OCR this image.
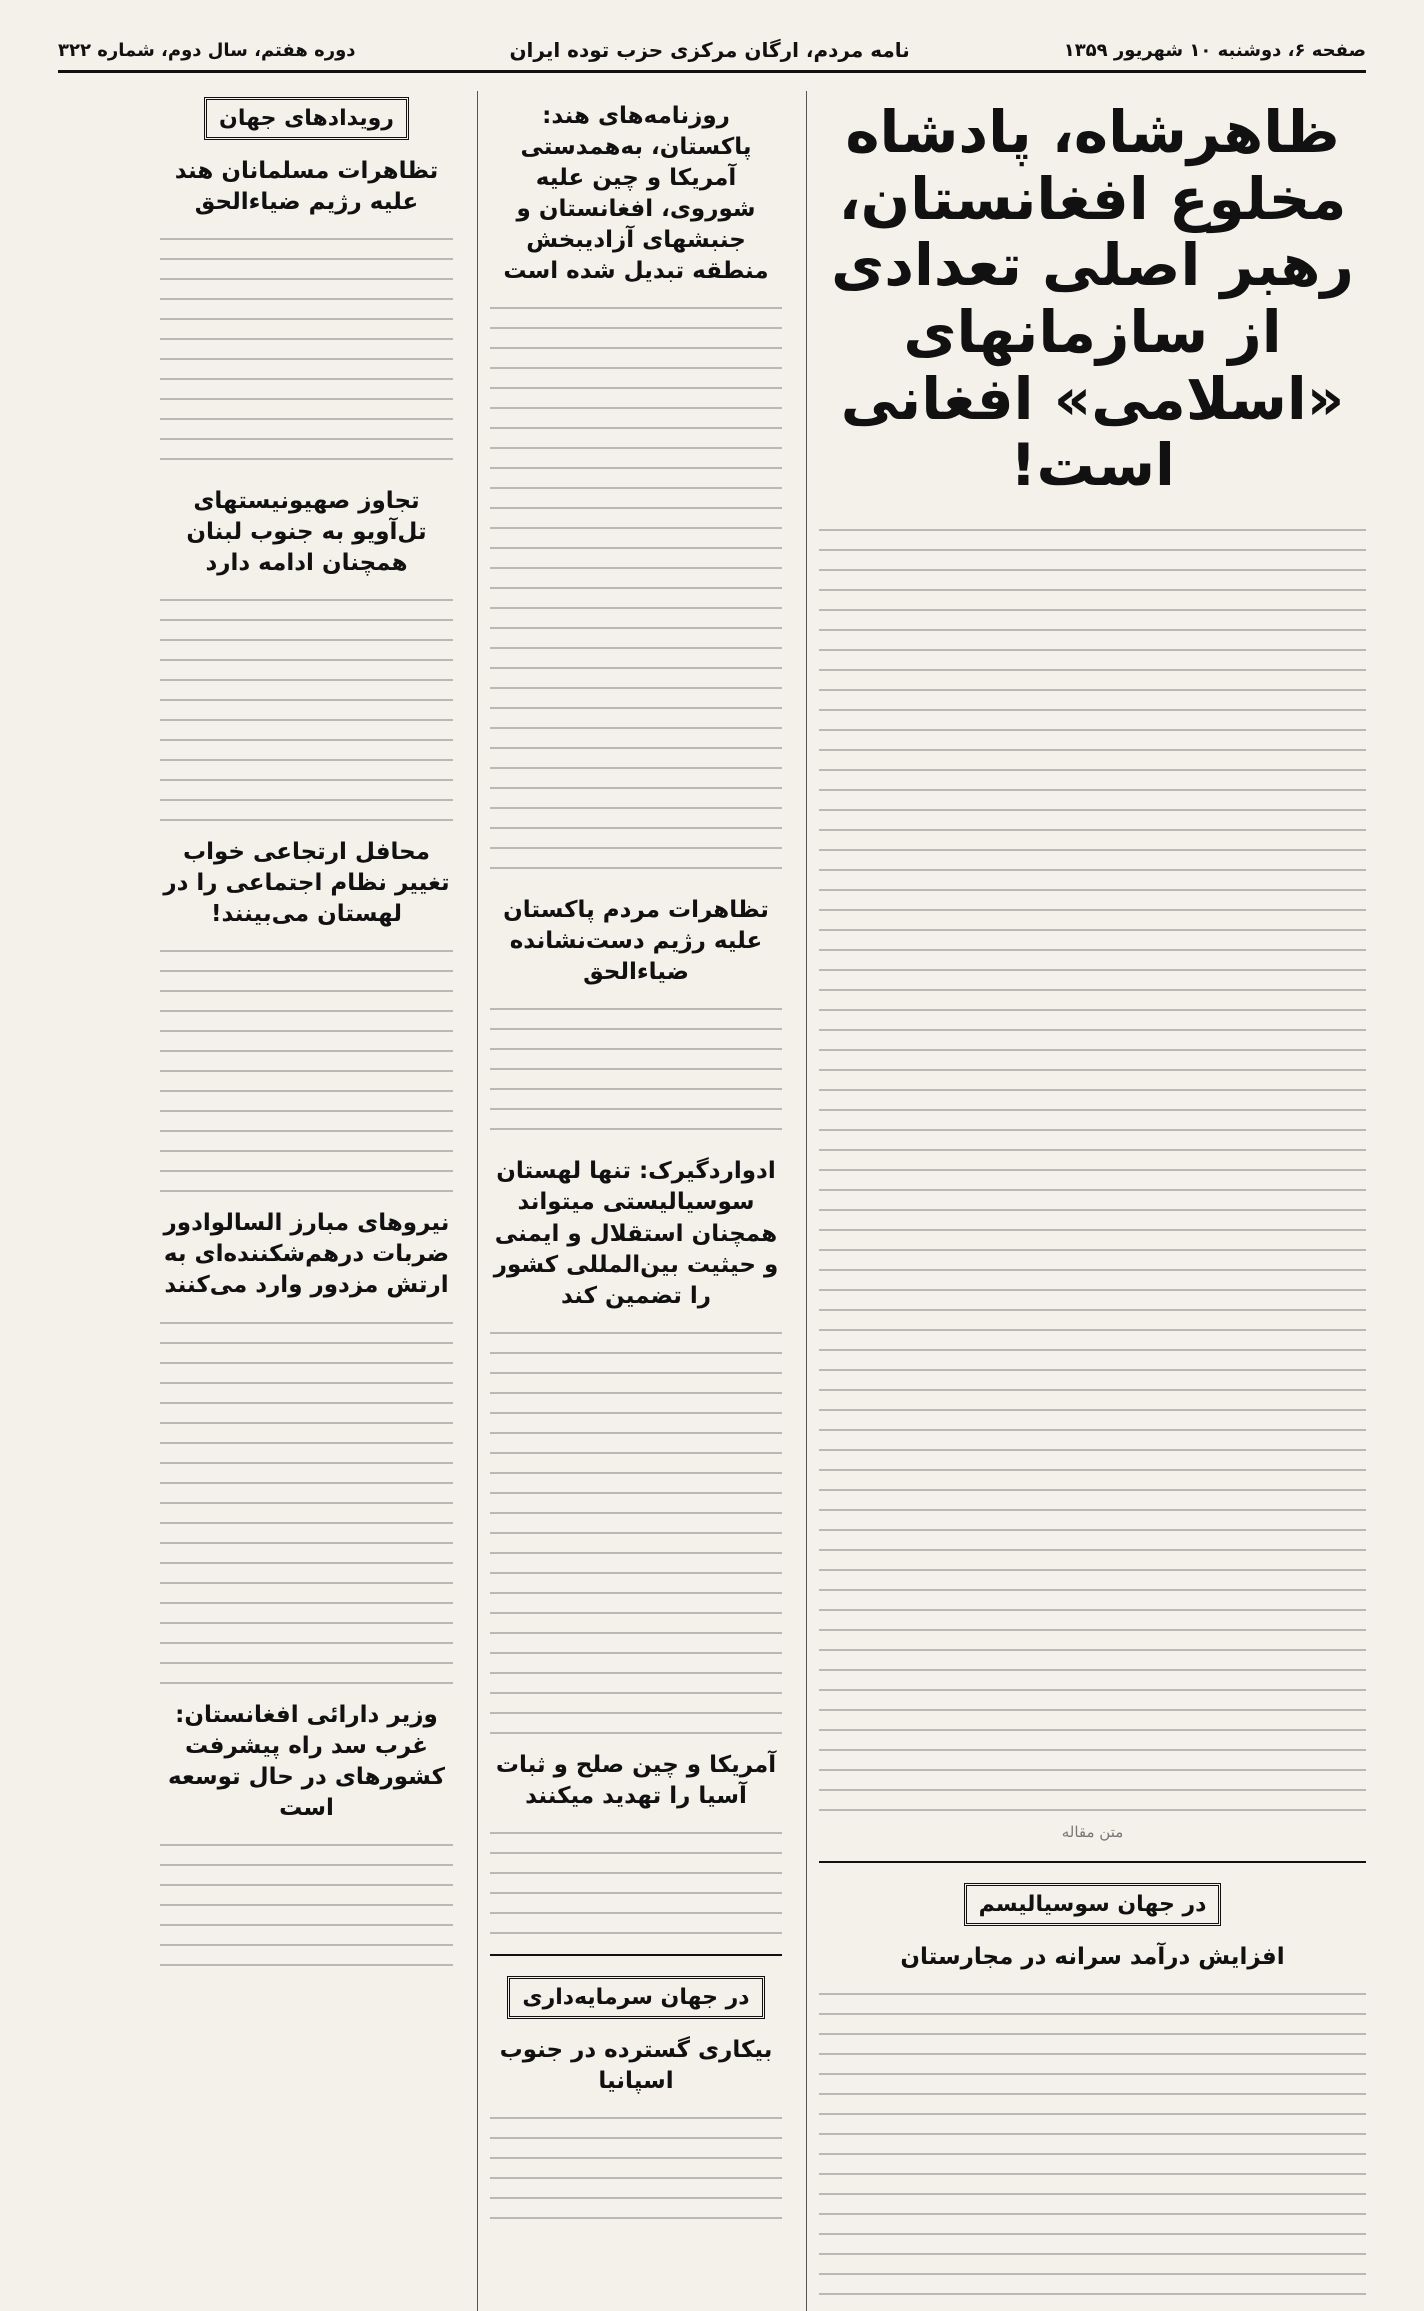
صفحه ۶، دوشنبه ۱۰ شهریور ۱۳۵۹
نامه مردم، ارگان مرکزی حزب توده ایران
دوره هفتم، سال دوم، شماره ۳۲۲
ظاهرشاه، پادشاه مخلوع افغانستان، رهبر اصلی تعدادی از سازمانهای «اسلامی» افغانی است!
متن مقاله
در جهان سوسیالیسم
افزایش درآمد سرانه در مجارستان
روزنامه‌های هند: پاکستان، به‌همدستی آمریکا و چین علیه شوروی، افغانستان و جنبشهای آزادیبخش منطقه تبدیل شده است
تظاهرات مردم پاکستان علیه رژیم دست‌نشانده ضیاءالحق
ادواردگیرک: تنها لهستان سوسیالیستی میتواند همچنان استقلال و ایمنی و حیثیت بین‌المللی کشور را تضمین کند
آمریکا و چین صلح و ثبات آسیا را تهدید میکنند
در جهان سرمایه‌داری
بیکاری گسترده در جنوب اسپانیا
رویدادهای جهان
تظاهرات مسلمانان هند علیه رژیم ضیاءالحق
تجاوز صهیونیستهای تل‌آویو به جنوب لبنان همچنان ادامه دارد
محافل ارتجاعی خواب تغییر نظام اجتماعی را در لهستان می‌بینند!
نیروهای مبارز السالوادور ضربات درهم‌شکننده‌ای به ارتش مزدور وارد می‌کنند
وزیر دارائی افغانستان: غرب سد راه پیشرفت کشورهای در حال توسعه است
